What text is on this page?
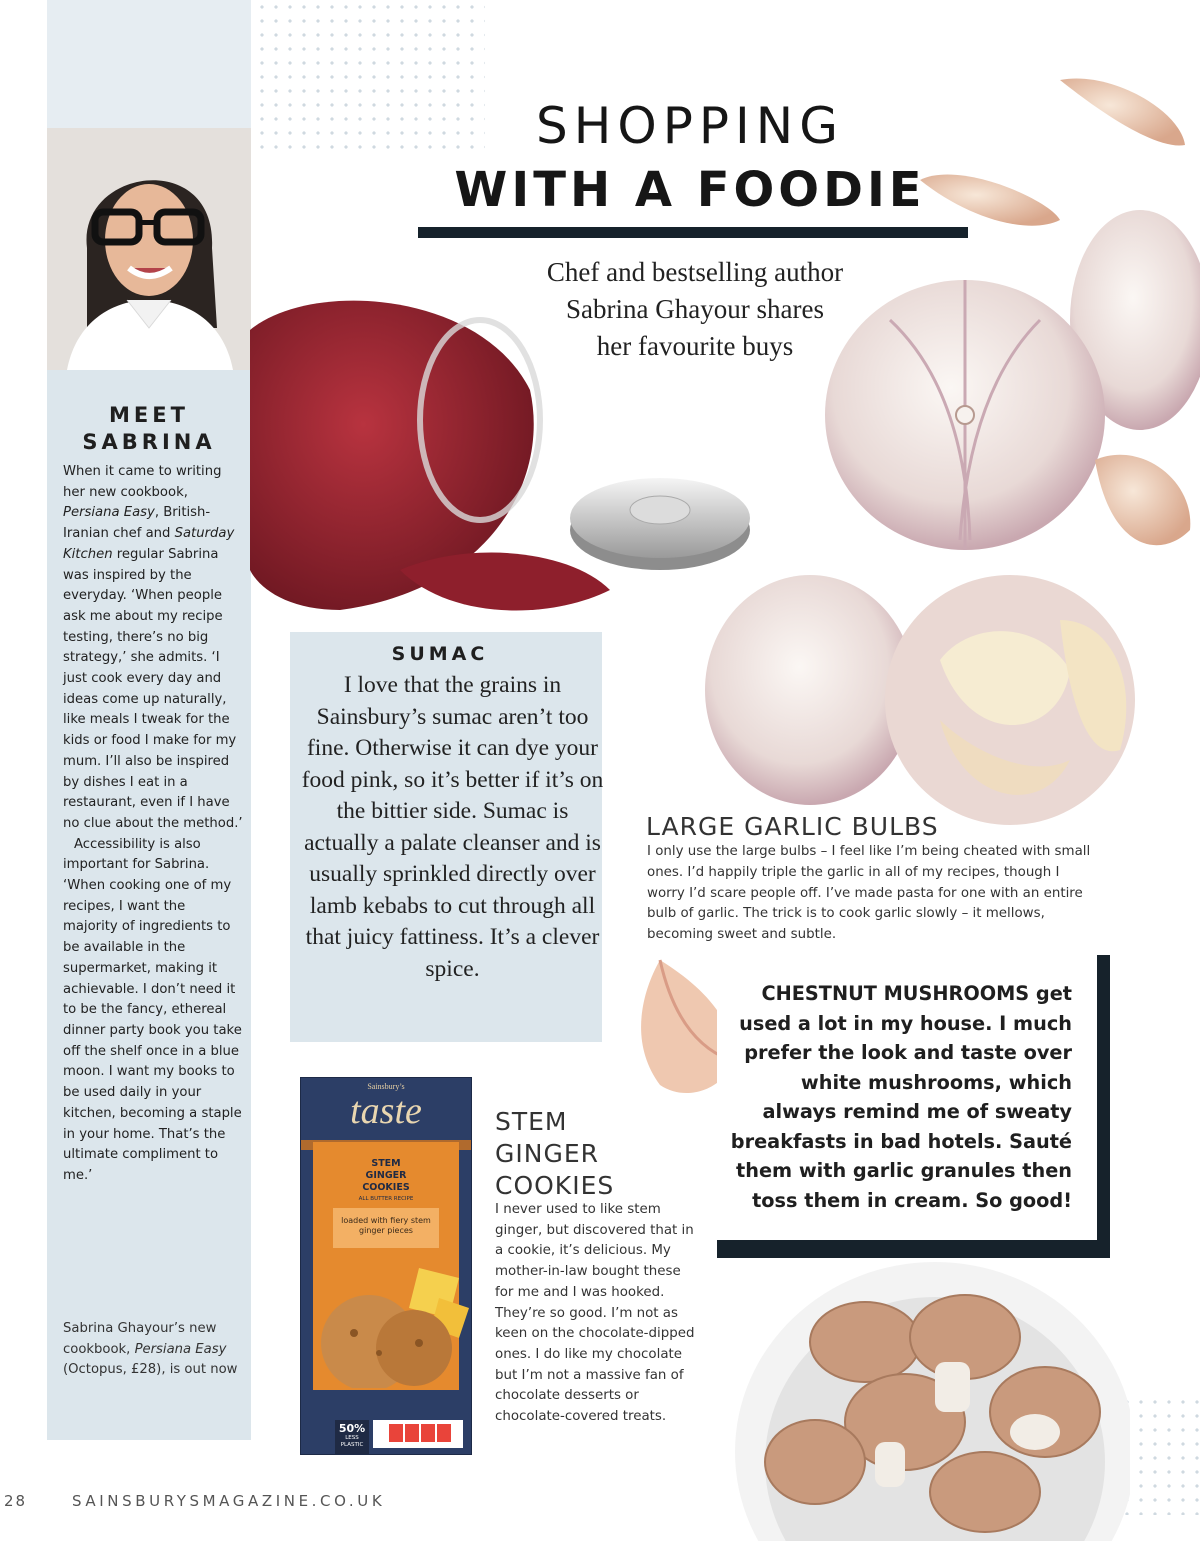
MEET
SABRINA

When it came to writing her new cookbook, Persiana Easy, British-Iranian chef and Saturday Kitchen regular Sabrina was inspired by the everyday. ‘When people ask me about my recipe testing, there’s no big strategy,’ she admits. ‘I just cook every day and ideas come up naturally, like meals I tweak for the kids or food I make for my mum. I’ll also be inspired by dishes I eat in a restaurant, even if I have no clue about the method.’

Accessibility is also important for Sabrina. ‘When cooking one of my recipes, I want the majority of ingredients to be available in the supermarket, making it achievable. I don’t need it to be the fancy, ethereal dinner party book you take off the shelf once in a blue moon. I want my books to be used daily in your kitchen, becoming a staple in your home. That’s the ultimate compliment to me.’

Sabrina Ghayour’s new cookbook, Persiana Easy (Octopus, £28), is out now
SHOPPING
WITH A FOODIE
Chef and bestselling author
Sabrina Ghayour shares
her favourite buys
SUMAC
I love that the grains in Sainsbury’s sumac aren’t too fine. Otherwise it can dye your food pink, so it’s better if it’s on the bittier side. Sumac is actually a palate cleanser and is usually sprinkled directly over lamb kebabs to cut through all that juicy fattiness. It’s a clever spice.
LARGE GARLIC BULBS
I only use the large bulbs – I feel like I’m being cheated with small ones. I’d happily triple the garlic in all of my recipes, though I worry I’d scare people off. I’ve made pasta for one with an entire bulb of garlic. The trick is to cook garlic slowly – it mellows, becoming sweet and subtle.
CHESTNUT MUSHROOMS get used a lot in my house. I much prefer the look and taste over white mushrooms, which always remind me of sweaty breakfasts in bad hotels. Sauté them with garlic granules then toss them in cream. So good!
Sainsbury’s
taste
STEM
GINGER
COOKIES
ALL BUTTER RECIPE
loaded with fiery stem ginger pieces
50%
LESS PLASTIC
STEM
GINGER
COOKIES
I never used to like stem ginger, but discovered that in a cookie, it’s delicious. My mother-in-law bought these for me and I was hooked. They’re so good. I’m not as keen on the chocolate-dipped ones. I do like my chocolate but I’m not a massive fan of chocolate desserts or chocolate-covered treats.
28	SAINSBURYSMAGAZINE.CO.UK
